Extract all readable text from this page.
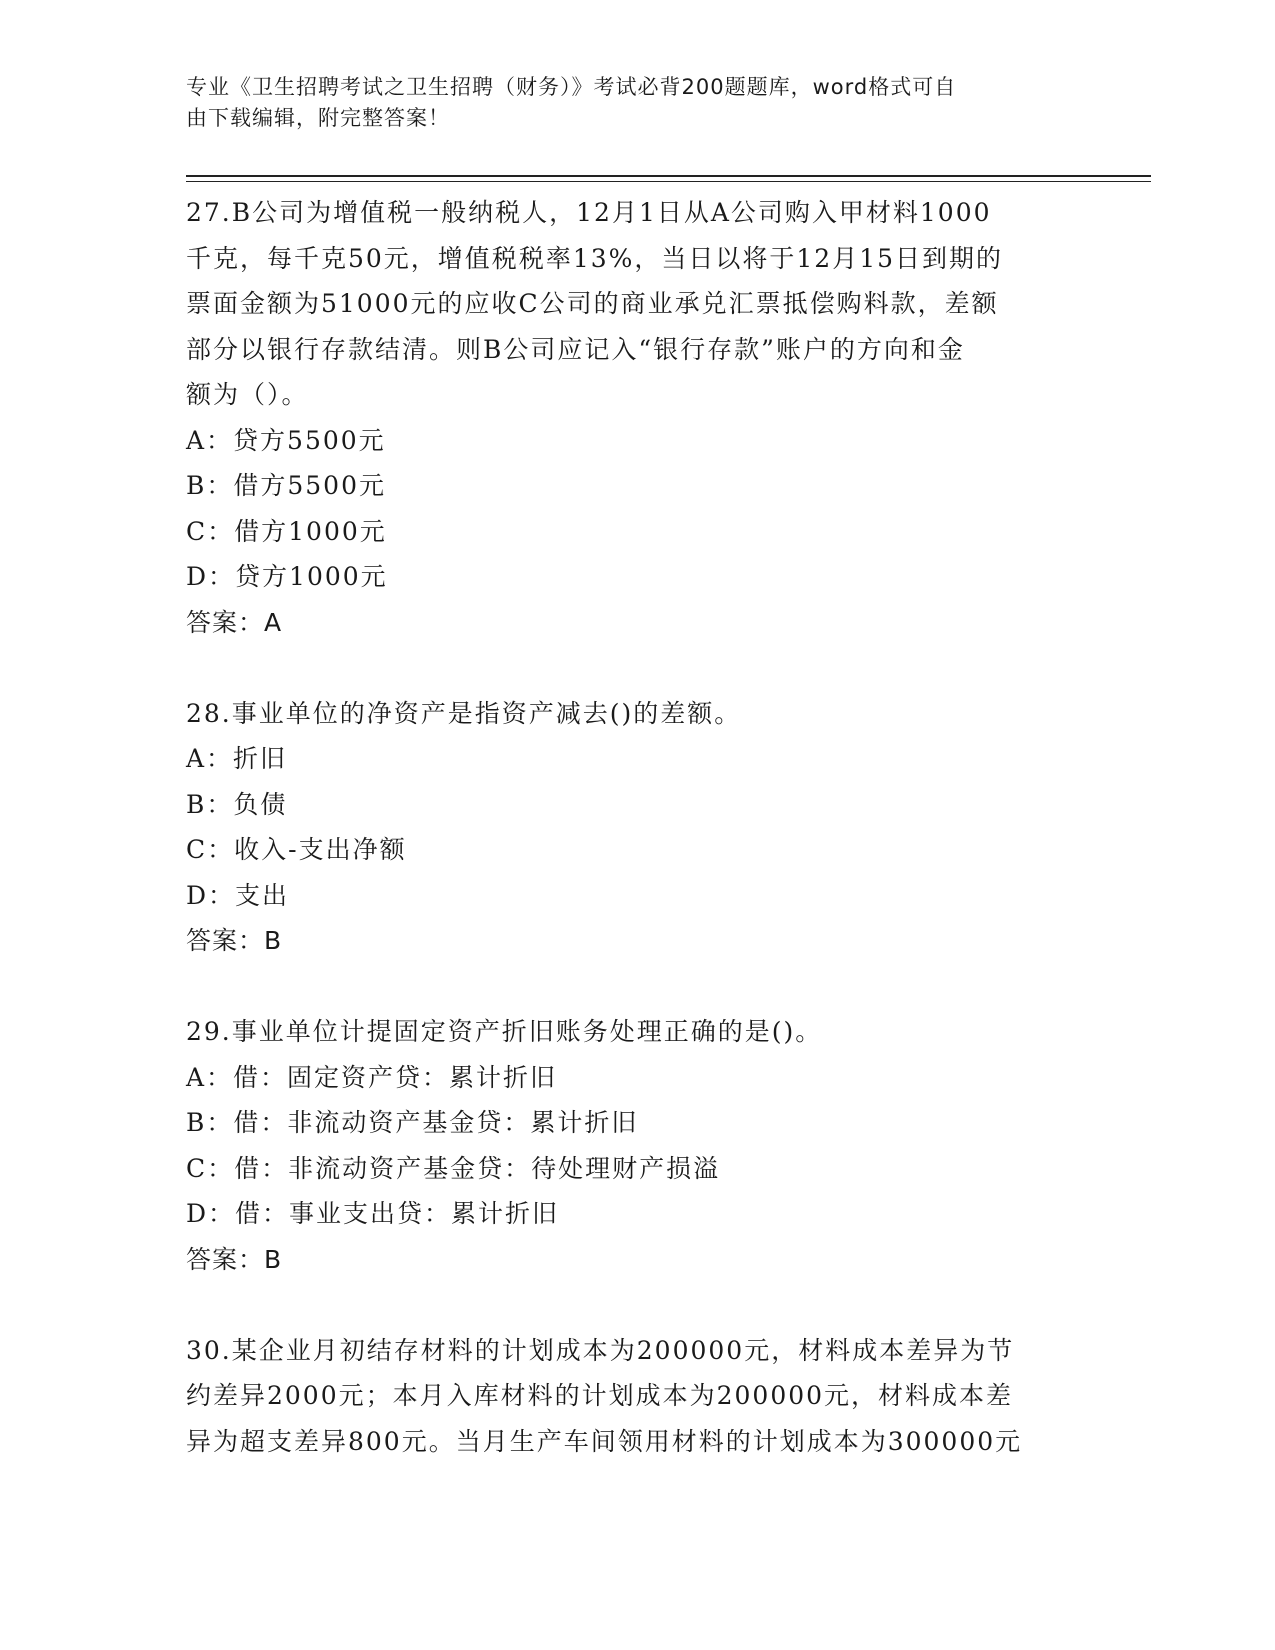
专业《卫生招聘考试之卫生招聘（财务）》考试必背200题题库，word格式可自
由下载编辑，附完整答案！

27.B公司为增值税一般纳税人，12月1日从A公司购入甲材料1000

千克，每千克50元，增值税税率13%，当日以将于12月15日到期的

票面金额为51000元的应收C公司的商业承兑汇票抵偿购料款，差额

部分以银行存款结清。则B公司应记入“银行存款”账户的方向和金

额为（）。

A：贷方5500元

B：借方5500元

C：借方1000元

D：贷方1000元

答案：A

28.事业单位的净资产是指资产减去()的差额。

A：折旧

B：负债

C：收入-支出净额

D：支出

答案：B

29.事业单位计提固定资产折旧账务处理正确的是()。

A：借：固定资产贷：累计折旧

B：借：非流动资产基金贷：累计折旧

C：借：非流动资产基金贷：待处理财产损溢

D：借：事业支出贷：累计折旧

答案：B

30.某企业月初结存材料的计划成本为200000元，材料成本差异为节

约差异2000元；本月入库材料的计划成本为200000元，材料成本差

异为超支差异800元。当月生产车间领用材料的计划成本为300000元
